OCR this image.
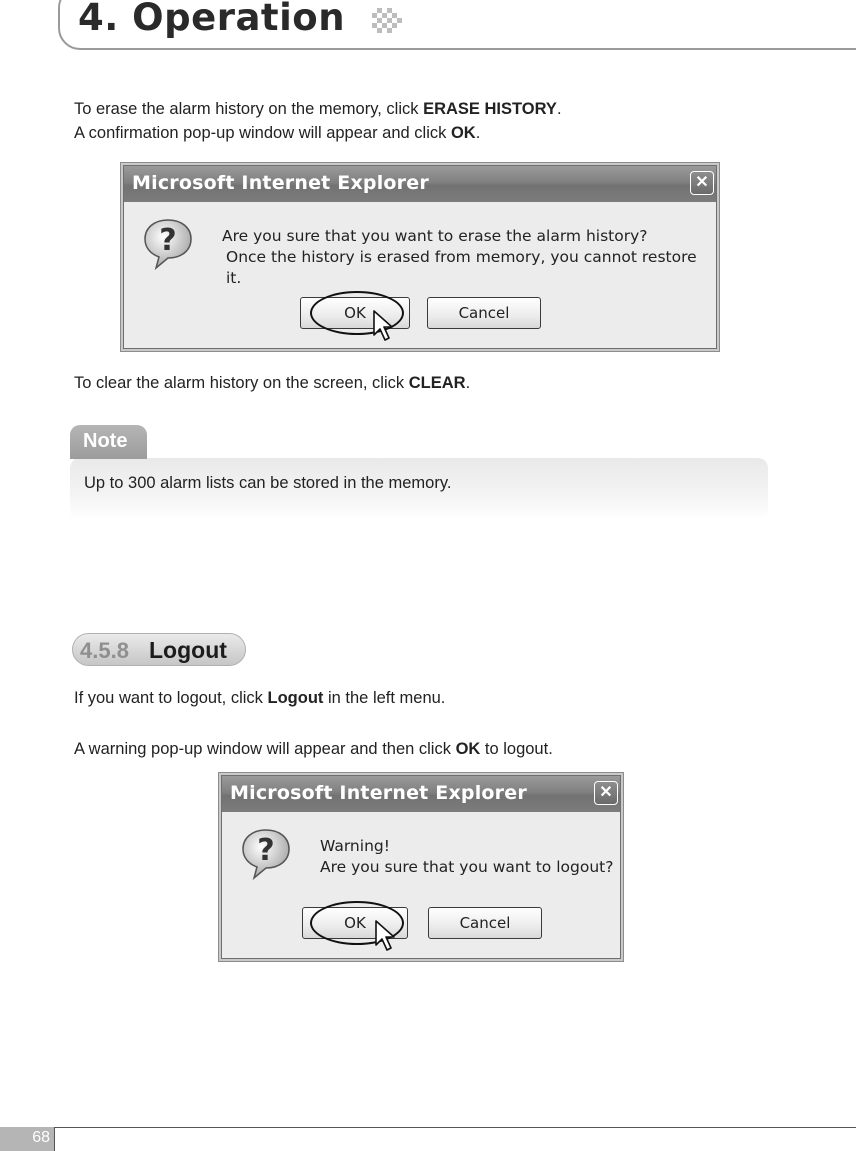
4. Operation
To erase the alarm history on the memory, click ERASE HISTORY.
A confirmation pop-up window will appear and click OK.
Microsoft Internet Explorer	✕
?	Are you sure that you want to erase the alarm history?
Once the history is erased from memory, you cannot restore it.
OK	Cancel
To clear the alarm history on the screen, click CLEAR.
Note
Up to 300 alarm lists can be stored in the memory.
4.5.8 Logout
If you want to logout, click Logout in the left menu.
A warning pop-up window will appear and then click OK to logout.
Microsoft Internet Explorer	✕
?	Warning!
Are you sure that you want to logout?
OK	Cancel
68
